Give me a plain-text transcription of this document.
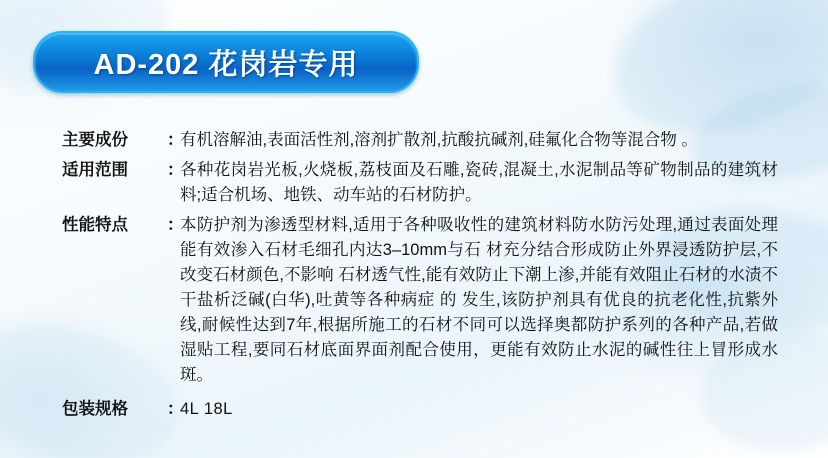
AD-202 花岗岩专用
主要成份	：
有机溶解油,表面活性剂,溶剂扩散剂,抗酸抗碱剂,硅氟化合物等混合物 。
适用范围	：
各种花岗岩光板,火烧板,荔枝面及石雕,瓷砖,混凝土,水泥制品等矿物制品的建筑材料;适合机场、地铁、动车站的石材防护。
性能特点	：
本防护剂为渗透型材料,适用于各种吸收性的建筑材料防水防污处理,通过表面处理能有效渗入石材毛细孔内达3–10mm与石 材充分结合形成防止外界浸透防护层,不改变石材颜色,不影响 石材透气性,能有效防止下潮上渗,并能有效阻止石材的水渍不干盐析泛碱(白华),吐黄等各种病症 的 发生,该防护剂具有优良的抗老化性,抗紫外线,耐候性达到7年,根据所施工的石材不同可以选择奥都防护系列的各种产品,若做湿贴工程,要同石材底面界面剂配合使用，更能有效防止水泥的碱性往上冒形成水斑。
包装规格	：
4L 18L
